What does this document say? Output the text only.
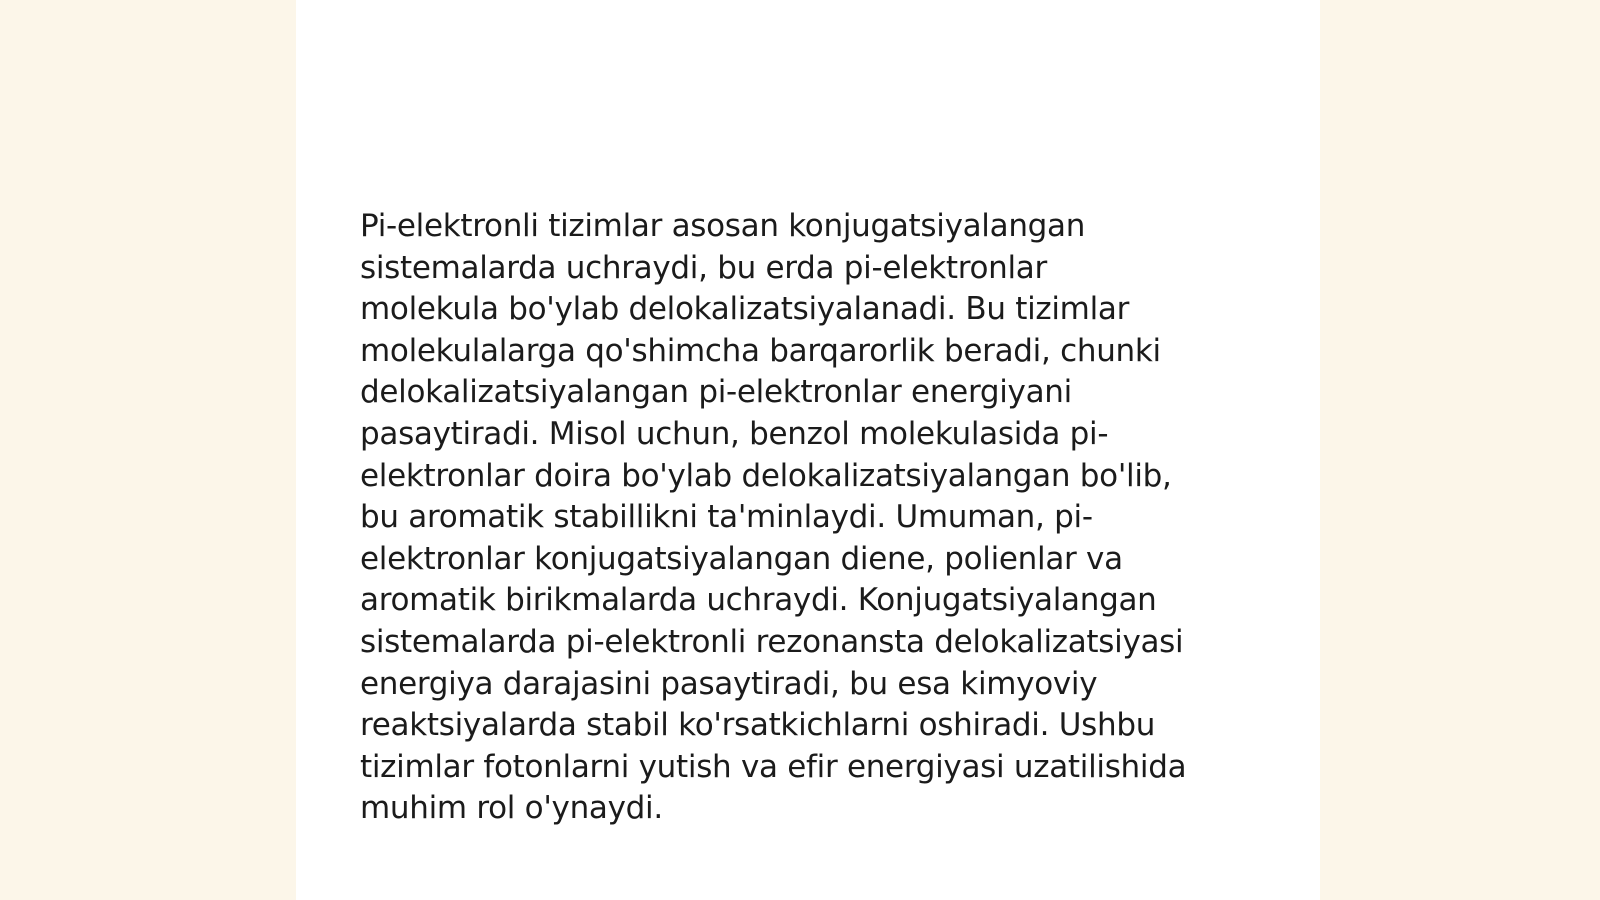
Pi-elektronli tizimlar asosan konjugatsiyalangan
sistemalarda uchraydi, bu erda pi-elektronlar
molekula bo'ylab delokalizatsiyalanadi. Bu tizimlar
molekulalarga qo'shimcha barqarorlik beradi, chunki
delokalizatsiyalangan pi-elektronlar energiyani
pasaytiradi. Misol uchun, benzol molekulasida pi-
elektronlar doira bo'ylab delokalizatsiyalangan bo'lib,
bu aromatik stabillikni ta'minlaydi. Umuman, pi-
elektronlar konjugatsiyalangan diene, polienlar va
aromatik birikmalarda uchraydi. Konjugatsiyalangan
sistemalarda pi-elektronli rezonansta delokalizatsiyasi
energiya darajasini pasaytiradi, bu esa kimyoviy
reaktsiyalarda stabil ko'rsatkichlarni oshiradi. Ushbu
tizimlar fotonlarni yutish va efir energiyasi uzatilishida
muhim rol o'ynaydi.
